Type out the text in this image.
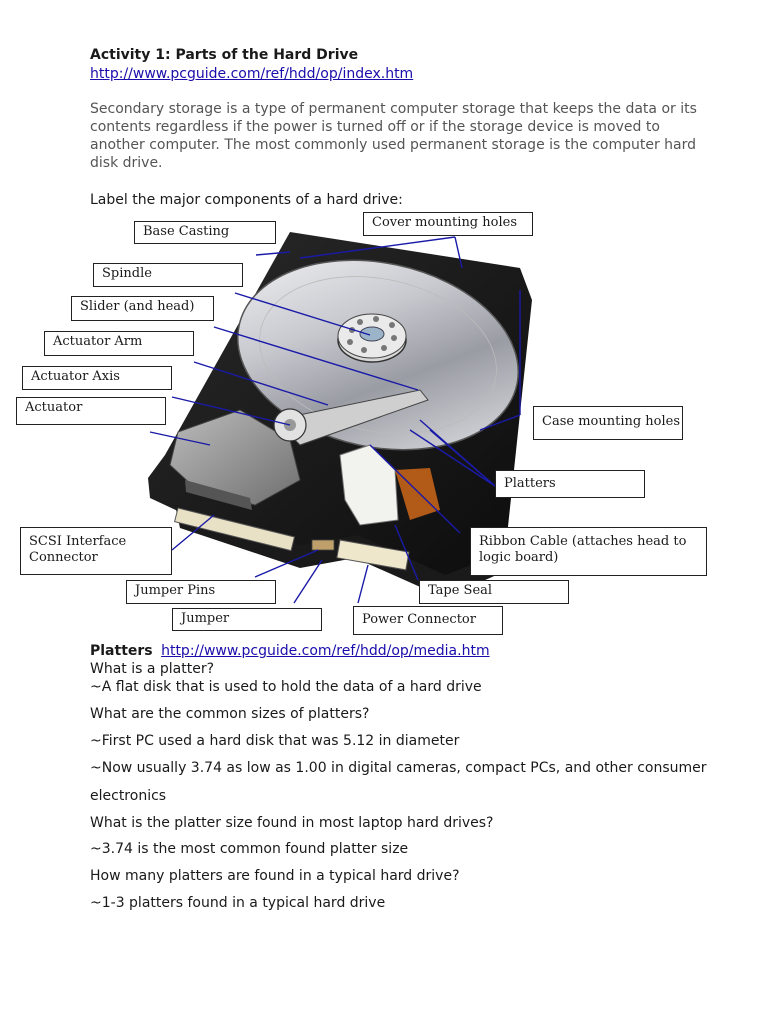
Activity 1: Parts of the Hard Drive
http://www.pcguide.com/ref/hdd/op/index.htm
Secondary storage is a type of permanent computer storage that keeps the data or its
contents regardless if the power is turned off or if the storage device is moved to
another computer. The most commonly used permanent storage is the computer hard
disk drive.
Label the major components of a hard drive:
Base Casting
Cover mounting holes
Spindle
Slider (and head)
Actuator Arm
Actuator Axis
Actuator
Case mounting holes
Platters
SCSI Interface
Connector
Ribbon Cable (attaches head to
logic board)
Jumper Pins	Tape Seal
Jumper	Power Connector
Platters http://www.pcguide.com/ref/hdd/op/media.htm
What is a platter?
~A flat disk that is used to hold the data of a hard drive
What are the common sizes of platters?
~First PC used a hard disk that was 5.12 in diameter
~Now usually 3.74 as low as 1.00 in digital cameras, compact PCs, and other consumer
electronics
What is the platter size found in most laptop hard drives?
~3.74 is the most common found platter size
How many platters are found in a typical hard drive?
~1-3 platters found in a typical hard drive
